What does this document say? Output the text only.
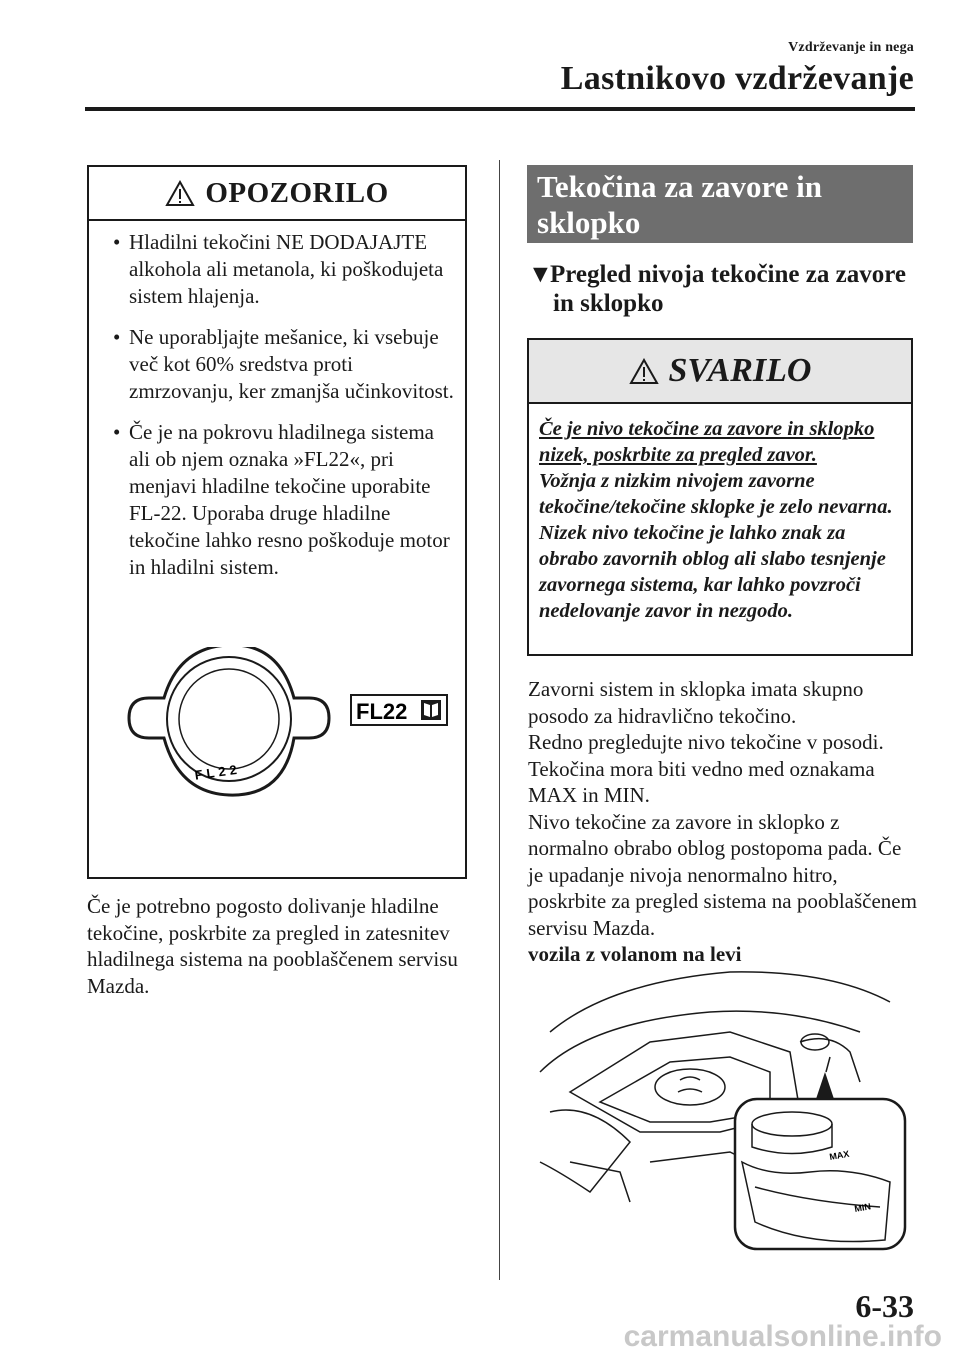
Vzdrževanje in nega
Lastnikovo vzdrževanje
OPOZORILO
• Hladilni tekočini NE DODAJAJTE alkohola ali metanola, ki poškodujeta sistem hlajenja.
• Ne uporabljajte mešanice, ki vsebuje več kot 60% sredstva proti zmrzovanju, ker zmanjša učinkovitost.
• Če je na pokrovu hladilnega sistema ali ob njem oznaka »FL22«, pri menjavi hladilne tekočine uporabite FL-22. Uporaba druge hladilne tekočine lahko resno poškoduje motor in hladilni sistem.
FL22
FL22
Če je potrebno pogosto dolivanje hladilne tekočine, poskrbite za pregled in zatesnitev hladilnega sistema na pooblaščenem servisu Mazda.
Tekočina za zavore in
sklopko
▼Pregled nivoja tekočine za zavore
in sklopko
SVARILO
Če je nivo tekočine za zavore in sklopko nizek, poskrbite za pregled zavor.
Vožnja z nizkim nivojem zavorne tekočine/tekočine sklopke je zelo nevarna.
Nizek nivo tekočine je lahko znak za obrabo zavornih oblog ali slabo tesnjenje zavornega sistema, kar lahko povzroči nedelovanje zavor in nezgodo.
Zavorni sistem in sklopka imata skupno posodo za hidravlično tekočino.
Redno pregledujte nivo tekočine v posodi. Tekočina mora biti vedno med oznakama MAX in MIN.
Nivo tekočine za zavore in sklopko z normalno obrabo oblog postopoma pada. Če je upadanje nivoja nenormalno hitro, poskrbite za pregled sistema na pooblaščenem servisu Mazda.
vozila z volanom na levi
MAX
MIN
6-33
carmanualsonline.info
